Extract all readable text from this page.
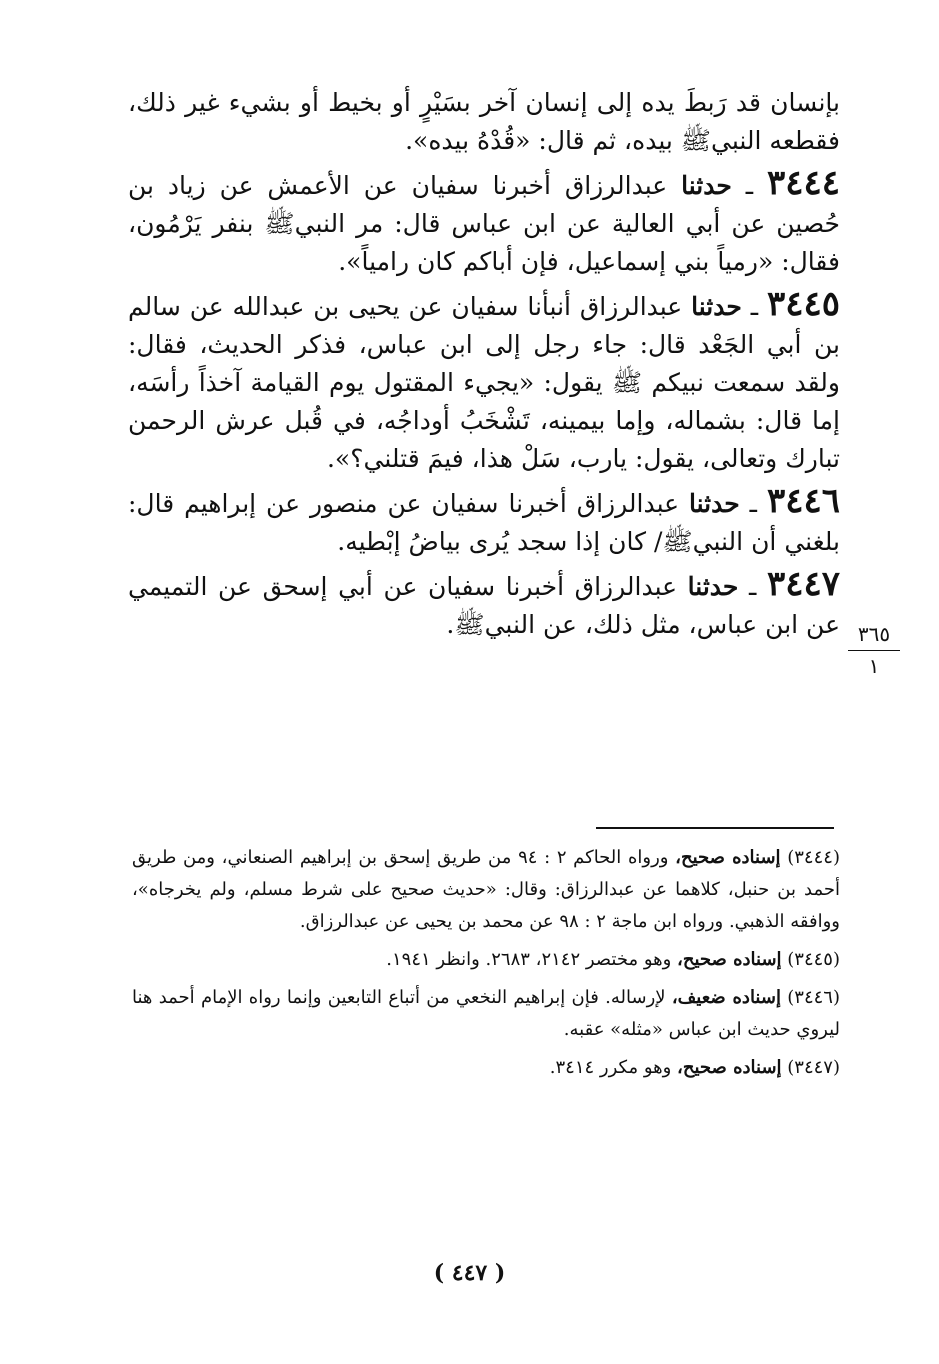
بإنسان قد رَبطَ يده إلى إنسان آخر بسَيْرٍ أو بخيط أو بشيء غير ذلك، فقطعه النبيﷺ بيده، ثم قال: «قُدْهُ بيده».

٣٤٤٤ ـ حدثنا عبدالرزاق أخبرنا سفيان عن الأعمش عن زياد بن حُصين عن أبي العالية عن ابن عباس قال: مر النبيﷺ بنفر يَرْمُون، فقال: «رمياً بني إسماعيل، فإن أباكم كان رامياً».

٣٤٤٥ ـ حدثنا عبدالرزاق أنبأنا سفيان عن يحيى بن عبدالله عن سالم بن أبي الجَعْد قال: جاء رجل إلى ابن عباس، فذكر الحديث، فقال: ولقد سمعت نبيكم ﷺ يقول: «يجيء المقتول يوم القيامة آخذاً رأسَه، إما قال: بشماله، وإما بيمينه، تَشْخَبُ أوداجُه، في قُبل عرش الرحمن تبارك وتعالى، يقول: يارب، سَلْ هذا، فيمَ قتلني؟».

٣٤٤٦ ـ حدثنا عبدالرزاق أخبرنا سفيان عن منصور عن إبراهيم قال: بلغني أن النبيﷺ/ كان إذا سجد يُرى بياضُ إبْطيه.

٣٤٤٧ ـ حدثنا عبدالرزاق أخبرنا سفيان عن أبي إسحق عن التميمي عن ابن عباس، مثل ذلك، عن النبيﷺ. ٣٦٥
١

(٣٤٤٤) إسناده صحيح، ورواه الحاكم ٢ : ٩٤ من طريق إسحق بن إبراهيم الصنعاني، ومن طريق أحمد بن حنبل، كلاهما عن عبدالرزاق: وقال: «حديث صحيح على شرط مسلم، ولم يخرجاه»، ووافقه الذهبي. ورواه ابن ماجة ٢ : ٩٨ عن محمد بن يحيى عن عبدالرزاق.

(٣٤٤٥) إسناده صحيح، وهو مختصر ٢١٤٢، ٢٦٨٣. وانظر ١٩٤١.

(٣٤٤٦) إسناده ضعيف، لإرساله. فإن إبراهيم النخعي من أتباع التابعين وإنما رواه الإمام أحمد هنا ليروي حديث ابن عباس «مثله» عقبه.

(٣٤٤٧) إسناده صحيح، وهو مكرر ٣٤١٤.

( ٤٤٧ )
